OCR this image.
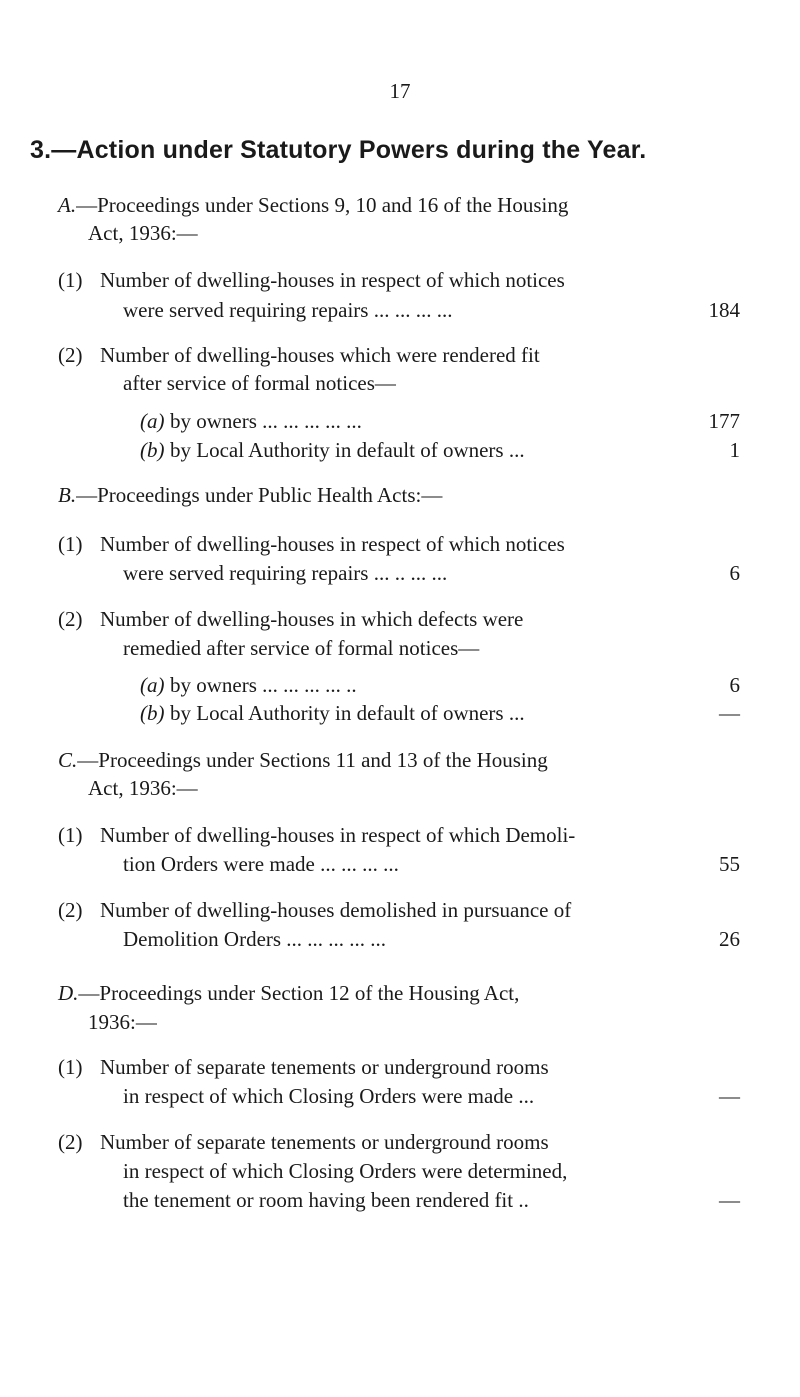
17
3.—Action under Statutory Powers during the Year.
A.—Proceedings under Sections 9, 10 and 16 of the Housing
Act, 1936:—
(1) Number of dwelling-houses in respect of which notices
were served requiring repairs ... ... ... ...	184
(2) Number of dwelling-houses which were rendered fit
after service of formal notices—
(a) by owners ... ... ... ... ...	177
(b) by Local Authority in default of owners ...	1
B.—Proceedings under Public Health Acts:—
(1) Number of dwelling-houses in respect of which notices
were served requiring repairs ... .. ... ...	6
(2) Number of dwelling-houses in which defects were
remedied after service of formal notices—
(a) by owners ... ... ... ... ..	6
(b) by Local Authority in default of owners ...	—
C.—Proceedings under Sections 11 and 13 of the Housing
Act, 1936:—
(1) Number of dwelling-houses in respect of which Demoli-
tion Orders were made ... ... ... ...	55
(2) Number of dwelling-houses demolished in pursuance of
Demolition Orders ... ... ... ... ...	26
D.—Proceedings under Section 12 of the Housing Act,
1936:—
(1) Number of separate tenements or underground rooms
in respect of which Closing Orders were made ...	—
(2) Number of separate tenements or underground rooms
in respect of which Closing Orders were determined,
the tenement or room having been rendered fit ..	—
